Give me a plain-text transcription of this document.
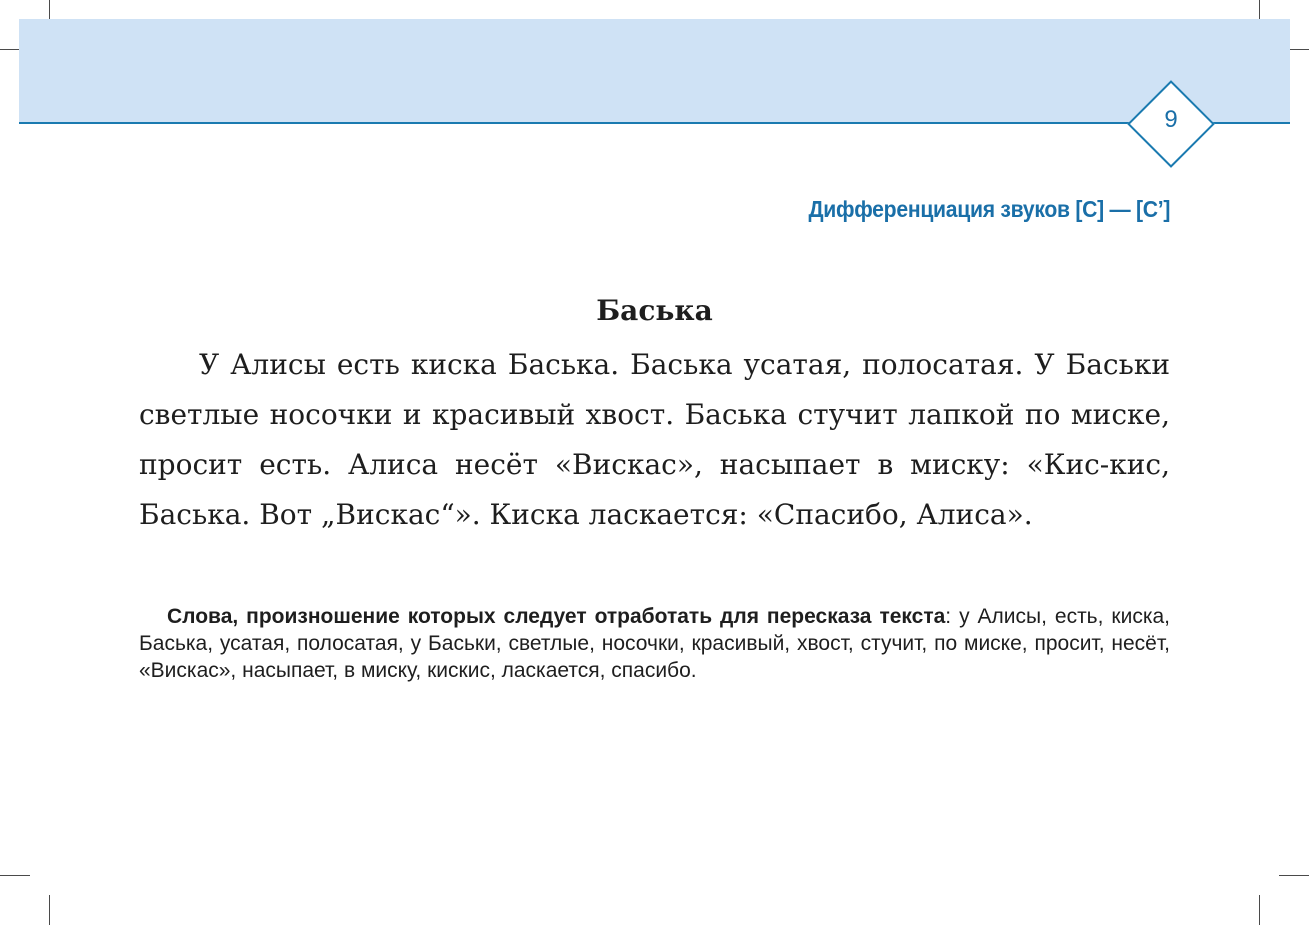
9
Дифференциация звуков [С] — [С’]
Баська

У Алисы есть киска Баська. Баська усатая, полосатая. У Баськи светлые носочки и красивый хвост. Баська стучит лапкой по миске, просит есть. Алиса несёт «Вискас», насыпает в миску: «Кис-кис, Баська. Вот „Вискас“». Киска ласкается: «Спасибо, Алиса».

Слова, произношение которых следует отработать для пересказа текста: у Алисы, есть, киска, Баська, усатая, полосатая, у Баськи, светлые, носочки, красивый, хвост, стучит, по миске, просит, несёт, «Вискас», насыпает, в миску, кискис, ласкается, спасибо.
